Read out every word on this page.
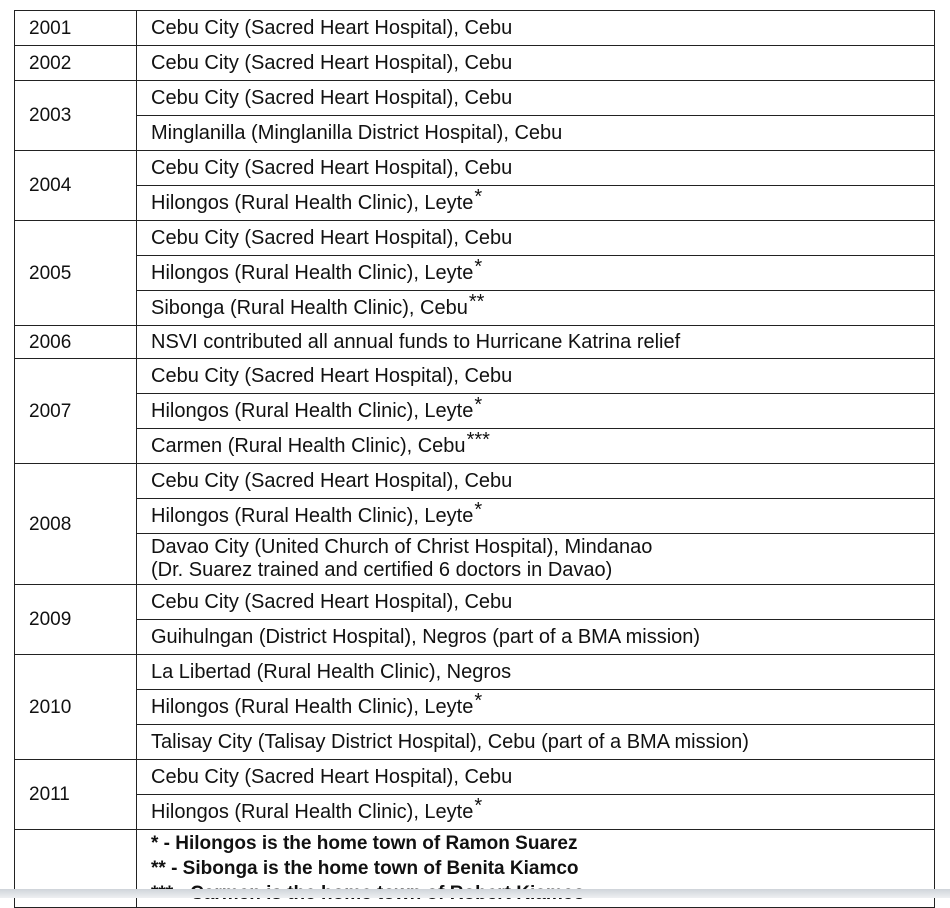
2001	Cebu City (Sacred Heart Hospital), Cebu
2002	Cebu City (Sacred Heart Hospital), Cebu
2003	Cebu City (Sacred Heart Hospital), Cebu
	Minglanilla (Minglanilla District Hospital), Cebu
2004	Cebu City (Sacred Heart Hospital), Cebu
	Hilongos (Rural Health Clinic), Leyte*
2005	Cebu City (Sacred Heart Hospital), Cebu
	Hilongos (Rural Health Clinic), Leyte*
	Sibonga (Rural Health Clinic), Cebu**
2006	NSVI contributed all annual funds to Hurricane Katrina relief
2007	Cebu City (Sacred Heart Hospital), Cebu
	Hilongos (Rural Health Clinic), Leyte*
	Carmen (Rural Health Clinic), Cebu***
2008	Cebu City (Sacred Heart Hospital), Cebu
	Hilongos (Rural Health Clinic), Leyte*

	Davao City (United Church of Christ Hospital), Mindanao
(Dr. Suarez trained and certified 6 doctors in Davao)

2009	Cebu City (Sacred Heart Hospital), Cebu
	Guihulngan (District Hospital), Negros (part of a BMA mission)
2010	La Libertad (Rural Health Clinic), Negros
	Hilongos (Rural Health Clinic), Leyte*
	Talisay City (Talisay District Hospital), Cebu (part of a BMA mission)
2011	Cebu City (Sacred Heart Hospital), Cebu
	Hilongos (Rural Health Clinic), Leyte*

	* - Hilongos is the home town of Ramon Suarez
** - Sibonga is the home town of Benita Kiamco
